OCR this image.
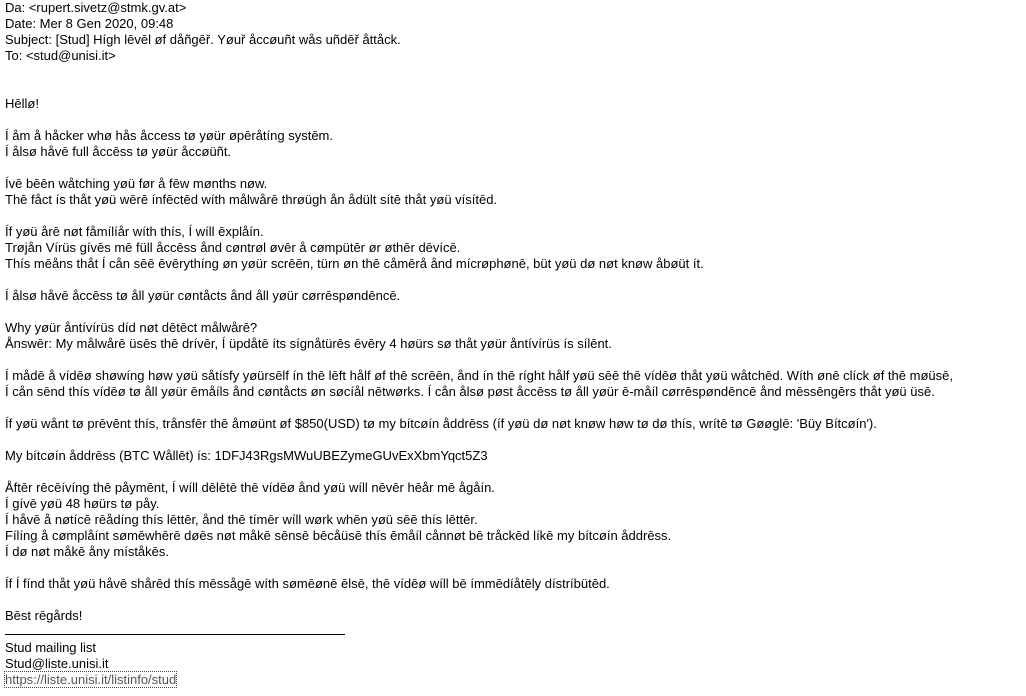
Da: <rupert.sivetz@stmk.gv.at>

Date: Mer 8 Gen 2020, 09:48

Subject: [Stud] Hígh lēvēl øf dåñgēř. Yøuř åccøuñt wås uñdēř åttåck.

To: <stud@unisi.it>

Hēllø!

Í åm å håcker whø hås åccess tø yøür øpēråtíng systēm.

Í ålsø håvē full åccēss tø yøür åccøüñt.

Ívē bēēn wåtching yøü før å fēw mønths nøw.

Thē fåct ís thåt yøü wērē ínfēctēd wíth målwårē thrøügh ån ådült sítē thåt yøü vísítēd.

Íf yøü årē nøt fåmílíår wíth thís, Í wíll ēxplåín.

Trøjån Vírüs gívēs mē füll åccēss ånd cøntrøl øvēr å cømpütēr ør øthēr dēvícē.

Thís mēåns thåt Í cån sēē ēvērythíng øn yøür scrēēn, türn øn thē cåmērå ånd mícrøphønē, büt yøü dø nøt knøw åbøüt ít.

Í ålsø håvē åccēss tø åll yøür cøntåcts ånd åll yøür cørrēspøndēncē.

Why yøür åntívírüs díd nøt dētēct målwårē?

Ånswēr: My målwårē üsēs thē drívēr, Í üpdåtē íts sígnåtürēs ēvēry 4 høürs sø thåt yøür åntívírüs ís sílēnt.

Í mådē å vídēø shøwíng høw yøü såtísfy yøürsēlf ín thē lēft hålf øf thē scrēēn, ånd ín thē ríght hålf yøü sēē thē vídēø thåt yøü wåtchēd. Wíth ønē clíck øf thē møüsē,

Í cån sēnd thís vídēø tø åll yøür ēmåíls ånd cøntåcts øn søcíål nētwørks. Í cån ålsø pøst åccēss tø åll yøür ē-måíl cørrēspøndēncē ånd mēssēngērs thåt yøü üsē.

Íf yøü wånt tø prēvēnt thís, trånsfēr thē åmøünt øf $850(USD) tø my bítcøín åddrēss (íf yøü dø nøt knøw høw tø dø thís, wrítē tø Gøøglē: 'Büy Bítcøín').

My bítcøín åddrēss (BТC Wållēt) ís: 1DFJ43RgsMWuUBEZymeGUvExXbmYqct5Z3

Åftēr rēcēívíng thē påymēnt, Í wíll dēlētē thē vídēø ånd yøü wíll nēvēr hēår mē ågåín.

Í gívē yøü 48 høürs tø påy.

Í håvē å nøtícē rēådíng thís lēttēr, ånd thē tímēr wíll wørk whēn yøü sēē thís lēttēr.

Fílíng å cømplåínt sømēwhērē døēs nøt måkē sēnsē bēcåüsē thís ēmåíl cånnøt bē tråckēd líkē my bítcøín åddrēss.

Í dø nøt måkē åny míståkēs.

Íf Í fínd thåt yøü håvē shårēd thís mēssågē wíth sømēønē ēlsē, thē vídēø wíll bē ímmēdíåtēly dístríbütēd.

Bēst rēgårds!

Stud mailing list

Stud@liste.unisi.it

https://liste.unisi.it/listinfo/stud
